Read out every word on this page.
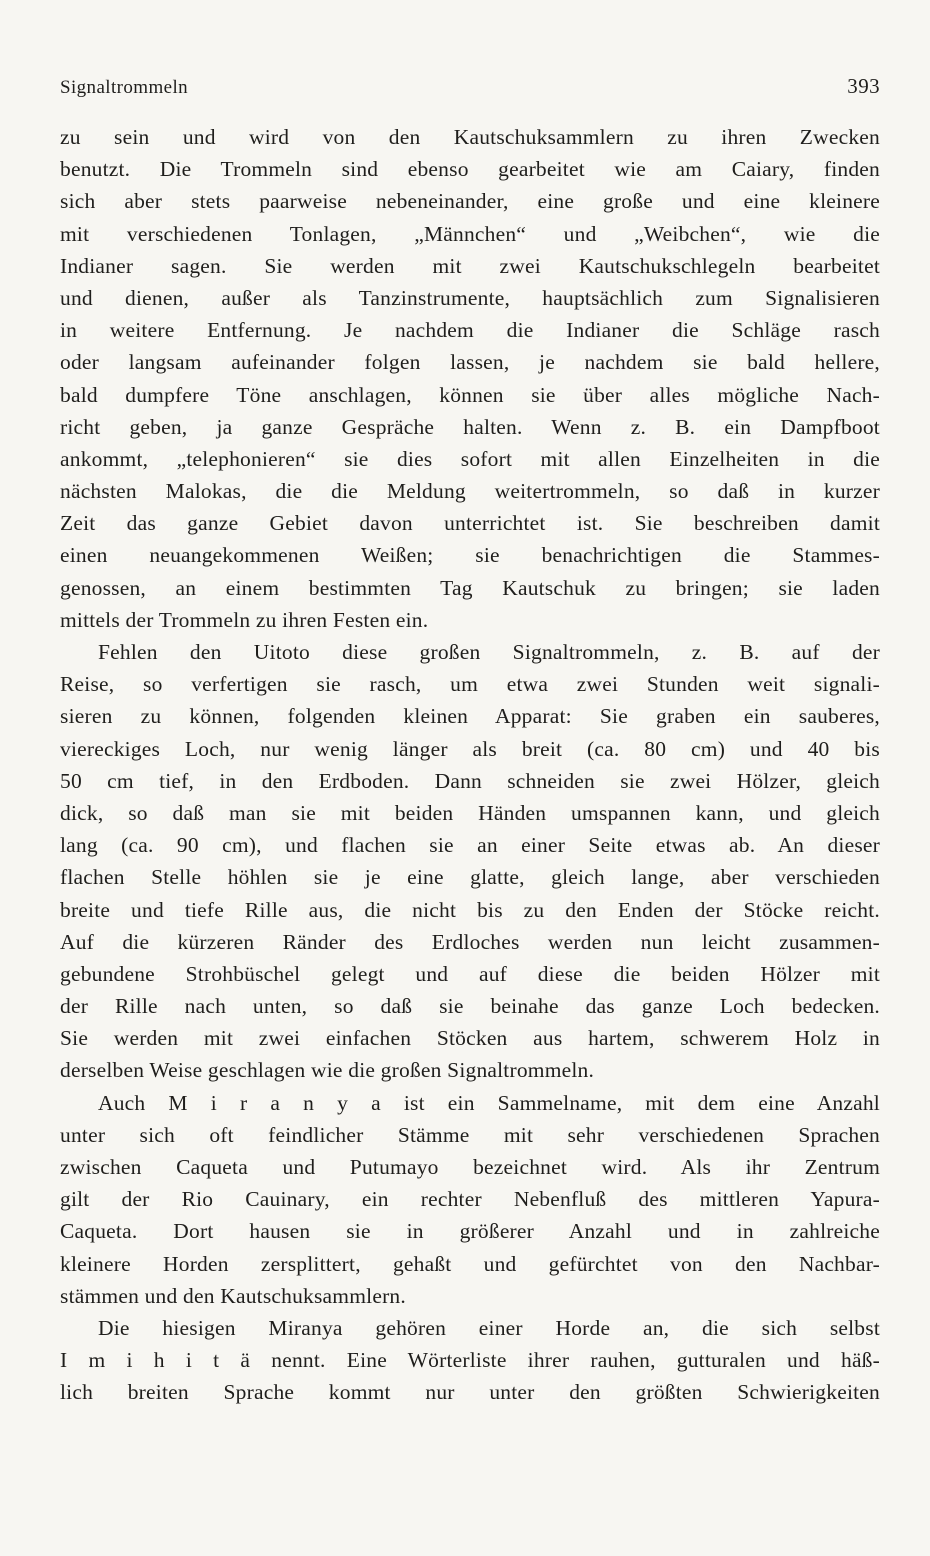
Signaltrommeln	393
zu sein und wird von den Kautschuksammlern zu ihren Zwecken
benutzt. Die Trommeln sind ebenso gearbeitet wie am Caiary, finden
sich aber stets paarweise nebeneinander, eine große und eine kleinere
mit verschiedenen Tonlagen, „Männchen“ und „Weibchen“, wie die
Indianer sagen. Sie werden mit zwei Kautschukschlegeln bearbeitet
und dienen, außer als Tanzinstrumente, hauptsächlich zum Signalisieren
in weitere Entfernung. Je nachdem die Indianer die Schläge rasch
oder langsam aufeinander folgen lassen, je nachdem sie bald hellere,
bald dumpfere Töne anschlagen, können sie über alles mögliche Nach-
richt geben, ja ganze Gespräche halten. Wenn z. B. ein Dampfboot
ankommt, „telephonieren“ sie dies sofort mit allen Einzelheiten in die
nächsten Malokas, die die Meldung weitertrommeln, so daß in kurzer
Zeit das ganze Gebiet davon unterrichtet ist. Sie beschreiben damit
einen neuangekommenen Weißen; sie benachrichtigen die Stammes-
genossen, an einem bestimmten Tag Kautschuk zu bringen; sie laden
mittels der Trommeln zu ihren Festen ein.
Fehlen den Uitoto diese großen Signaltrommeln, z. B. auf der
Reise, so verfertigen sie rasch, um etwa zwei Stunden weit signali-
sieren zu können, folgenden kleinen Apparat: Sie graben ein sauberes,
viereckiges Loch, nur wenig länger als breit (ca. 80 cm) und 40 bis
50 cm tief, in den Erdboden. Dann schneiden sie zwei Hölzer, gleich
dick, so daß man sie mit beiden Händen umspannen kann, und gleich
lang (ca. 90 cm), und flachen sie an einer Seite etwas ab. An dieser
flachen Stelle höhlen sie je eine glatte, gleich lange, aber verschieden
breite und tiefe Rille aus, die nicht bis zu den Enden der Stöcke reicht.
Auf die kürzeren Ränder des Erdloches werden nun leicht zusammen-
gebundene Strohbüschel gelegt und auf diese die beiden Hölzer mit
der Rille nach unten, so daß sie beinahe das ganze Loch bedecken.
Sie werden mit zwei einfachen Stöcken aus hartem, schwerem Holz in
derselben Weise geschlagen wie die großen Signaltrommeln.
Auch M i r a n y a ist ein Sammelname, mit dem eine Anzahl
unter sich oft feindlicher Stämme mit sehr verschiedenen Sprachen
zwischen Caqueta und Putumayo bezeichnet wird. Als ihr Zentrum
gilt der Rio Cauinary, ein rechter Nebenfluß des mittleren Yapura-
Caqueta. Dort hausen sie in größerer Anzahl und in zahlreiche
kleinere Horden zersplittert, gehaßt und gefürchtet von den Nachbar-
stämmen und den Kautschuksammlern.
Die hiesigen Miranya gehören einer Horde an, die sich selbst
I m i h i t ä nennt. Eine Wörterliste ihrer rauhen, gutturalen und häß-
lich breiten Sprache kommt nur unter den größten Schwierigkeiten
